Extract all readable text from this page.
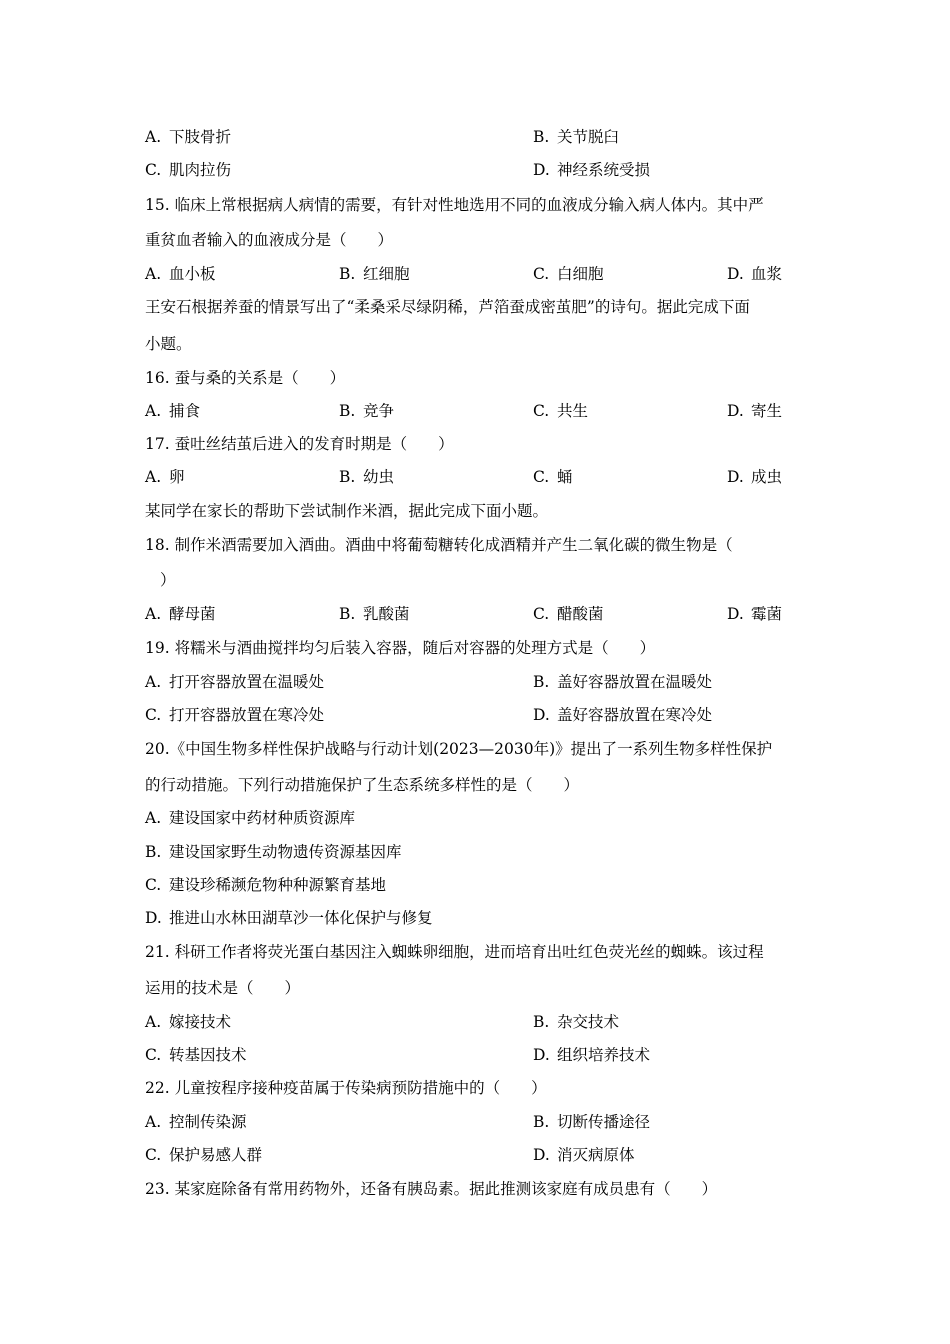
A. 下肢骨折	B. 关节脱臼
C. 肌肉拉伤	D. 神经系统受损
15. 临床上常根据病人病情的需要，有针对性地选用不同的血液成分输入病人体内。其中严
重贫血者输入的血液成分是（　　）
A. 血小板	B. 红细胞	C. 白细胞	D. 血浆
王安石根据养蚕的情景写出了“柔桑采尽绿阴稀，芦箔蚕成密茧肥”的诗句。据此完成下面
小题。
16. 蚕与桑的关系是（　　）
A. 捕食	B. 竞争	C. 共生	D. 寄生
17. 蚕吐丝结茧后进入的发育时期是（　　）
A. 卵	B. 幼虫	C. 蛹	D. 成虫
某同学在家长的帮助下尝试制作米酒，据此完成下面小题。
18. 制作米酒需要加入酒曲。酒曲中将葡萄糖转化成酒精并产生二氧化碳的微生物是（
）
A. 酵母菌	B. 乳酸菌	C. 醋酸菌	D. 霉菌
19. 将糯米与酒曲搅拌均匀后装入容器，随后对容器的处理方式是（　　）
A. 打开容器放置在温暖处	B. 盖好容器放置在温暖处
C. 打开容器放置在寒冷处	D. 盖好容器放置在寒冷处
20.《中国生物多样性保护战略与行动计划(2023—2030年)》提出了一系列生物多样性保护
的行动措施。下列行动措施保护了生态系统多样性的是（　　）
A. 建设国家中药材种质资源库
B. 建设国家野生动物遗传资源基因库
C. 建设珍稀濒危物种种源繁育基地
D. 推进山水林田湖草沙一体化保护与修复
21. 科研工作者将荧光蛋白基因注入蜘蛛卵细胞，进而培育出吐红色荧光丝的蜘蛛。该过程
运用的技术是（　　）
A. 嫁接技术	B. 杂交技术
C. 转基因技术	D. 组织培养技术
22. 儿童按程序接种疫苗属于传染病预防措施中的（　　）
A. 控制传染源	B. 切断传播途径
C. 保护易感人群	D. 消灭病原体
23. 某家庭除备有常用药物外，还备有胰岛素。据此推测该家庭有成员患有（　　）
